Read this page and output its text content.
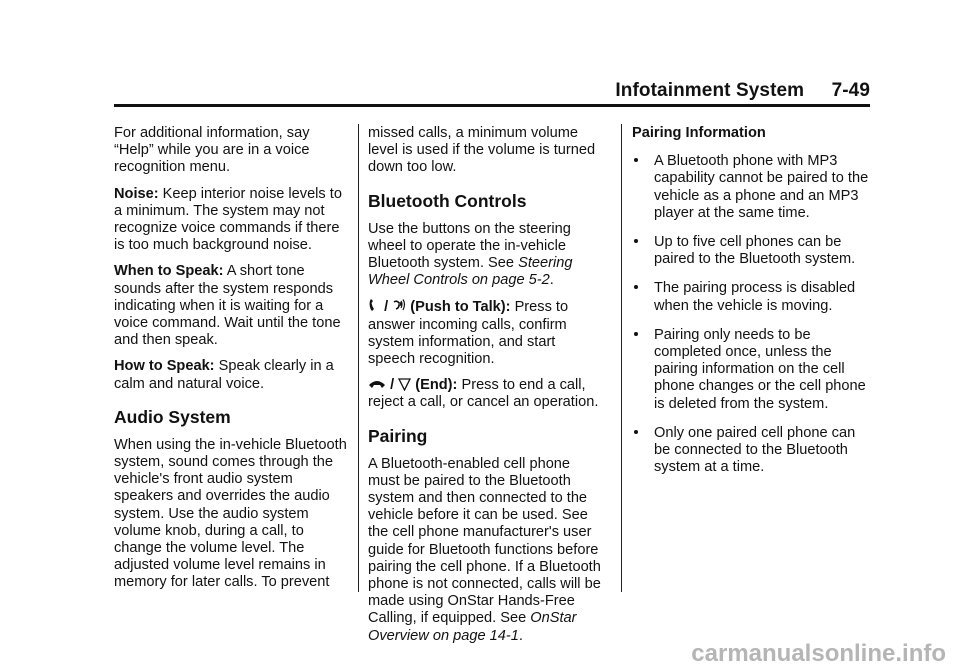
Infotainment System 7-49

For additional information, say “Help” while you are in a voice recognition menu.

Noise: Keep interior noise levels to a minimum. The system may not recognize voice commands if there is too much background noise.

When to Speak: A short tone sounds after the system responds indicating when it is waiting for a voice command. Wait until the tone and then speak.

How to Speak: Speak clearly in a calm and natural voice.

Audio System

When using the in-vehicle Bluetooth system, sound comes through the vehicle's front audio system speakers and overrides the audio system. Use the audio system volume knob, during a call, to change the volume level. The adjusted volume level remains in memory for later calls. To prevent

missed calls, a minimum volume level is used if the volume is turned down too low.

Bluetooth Controls

Use the buttons on the steering wheel to operate the in-vehicle Bluetooth system. See Steering Wheel Controls on page 5-2.

/ (Push to Talk): Press to answer incoming calls, confirm system information, and start speech recognition.

/ (End): Press to end a call, reject a call, or cancel an operation.

Pairing

A Bluetooth-enabled cell phone must be paired to the Bluetooth system and then connected to the vehicle before it can be used. See the cell phone manufacturer's user guide for Bluetooth functions before pairing the cell phone. If a Bluetooth phone is not connected, calls will be made using OnStar Hands-Free Calling, if equipped. See OnStar Overview on page 14-1.

Pairing Information
A Bluetooth phone with MP3 capability cannot be paired to the vehicle as a phone and an MP3 player at the same time.
Up to five cell phones can be paired to the Bluetooth system.
The pairing process is disabled when the vehicle is moving.
Pairing only needs to be completed once, unless the pairing information on the cell phone changes or the cell phone is deleted from the system.
Only one paired cell phone can be connected to the Bluetooth system at a time.
carmanualsonline.info
